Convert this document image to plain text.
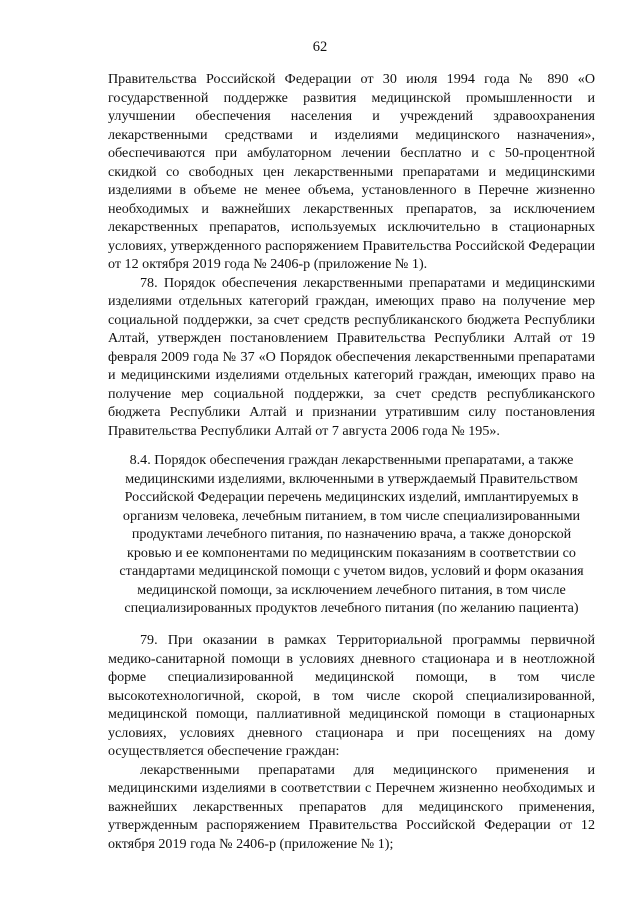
62

Правительства Российской Федерации от 30 июля 1994 года № 890 «О государственной поддержке развития медицинской промышленности и улучшении обеспечения населения и учреждений здравоохранения лекарственными средствами и изделиями медицинского назначения», обеспечиваются при амбулаторном лечении бесплатно и с 50-процентной скидкой со свободных цен лекарственными препаратами и медицинскими изделиями в объеме не менее объема, установленного в Перечне жизненно необходимых и важнейших лекарственных препаратов, за исключением лекарственных препаратов, используемых исключительно в стационарных условиях, утвержденного распоряжением Правительства Российской Федерации от 12 октября 2019 года № 2406-р (приложение № 1).

78. Порядок обеспечения лекарственными препаратами и медицинскими изделиями отдельных категорий граждан, имеющих право на получение мер социальной поддержки, за счет средств республиканского бюджета Республики Алтай, утвержден постановлением Правительства Республики Алтай от 19 февраля 2009 года № 37 «О Порядок обеспечения лекарственными препаратами и медицинскими изделиями отдельных категорий граждан, имеющих право на получение мер социальной поддержки, за счет средств республиканского бюджета Республики Алтай и признании утратившим силу постановления Правительства Республики Алтай от 7 августа 2006 года № 195».

8.4. Порядок обеспечения граждан лекарственными препаратами, а также медицинскими изделиями, включенными в утверждаемый Правительством Российской Федерации перечень медицинских изделий, имплантируемых в организм человека, лечебным питанием, в том числе специализированными продуктами лечебного питания, по назначению врача, а также донорской кровью и ее компонентами по медицинским показаниям в соответствии со стандартами медицинской помощи с учетом видов, условий и форм оказания медицинской помощи, за исключением лечебного питания, в том числе специализированных продуктов лечебного питания (по желанию пациента)

79. При оказании в рамках Территориальной программы первичной медико-санитарной помощи в условиях дневного стационара и в неотложной форме специализированной медицинской помощи, в том числе высокотехнологичной, скорой, в том числе скорой специализированной, медицинской помощи, паллиативной медицинской помощи в стационарных условиях, условиях дневного стационара и при посещениях на дому осуществляется обеспечение граждан:

лекарственными препаратами для медицинского применения и медицинскими изделиями в соответствии с Перечнем жизненно необходимых и важнейших лекарственных препаратов для медицинского применения, утвержденным распоряжением Правительства Российской Федерации от 12 октября 2019 года № 2406-р (приложение № 1);
